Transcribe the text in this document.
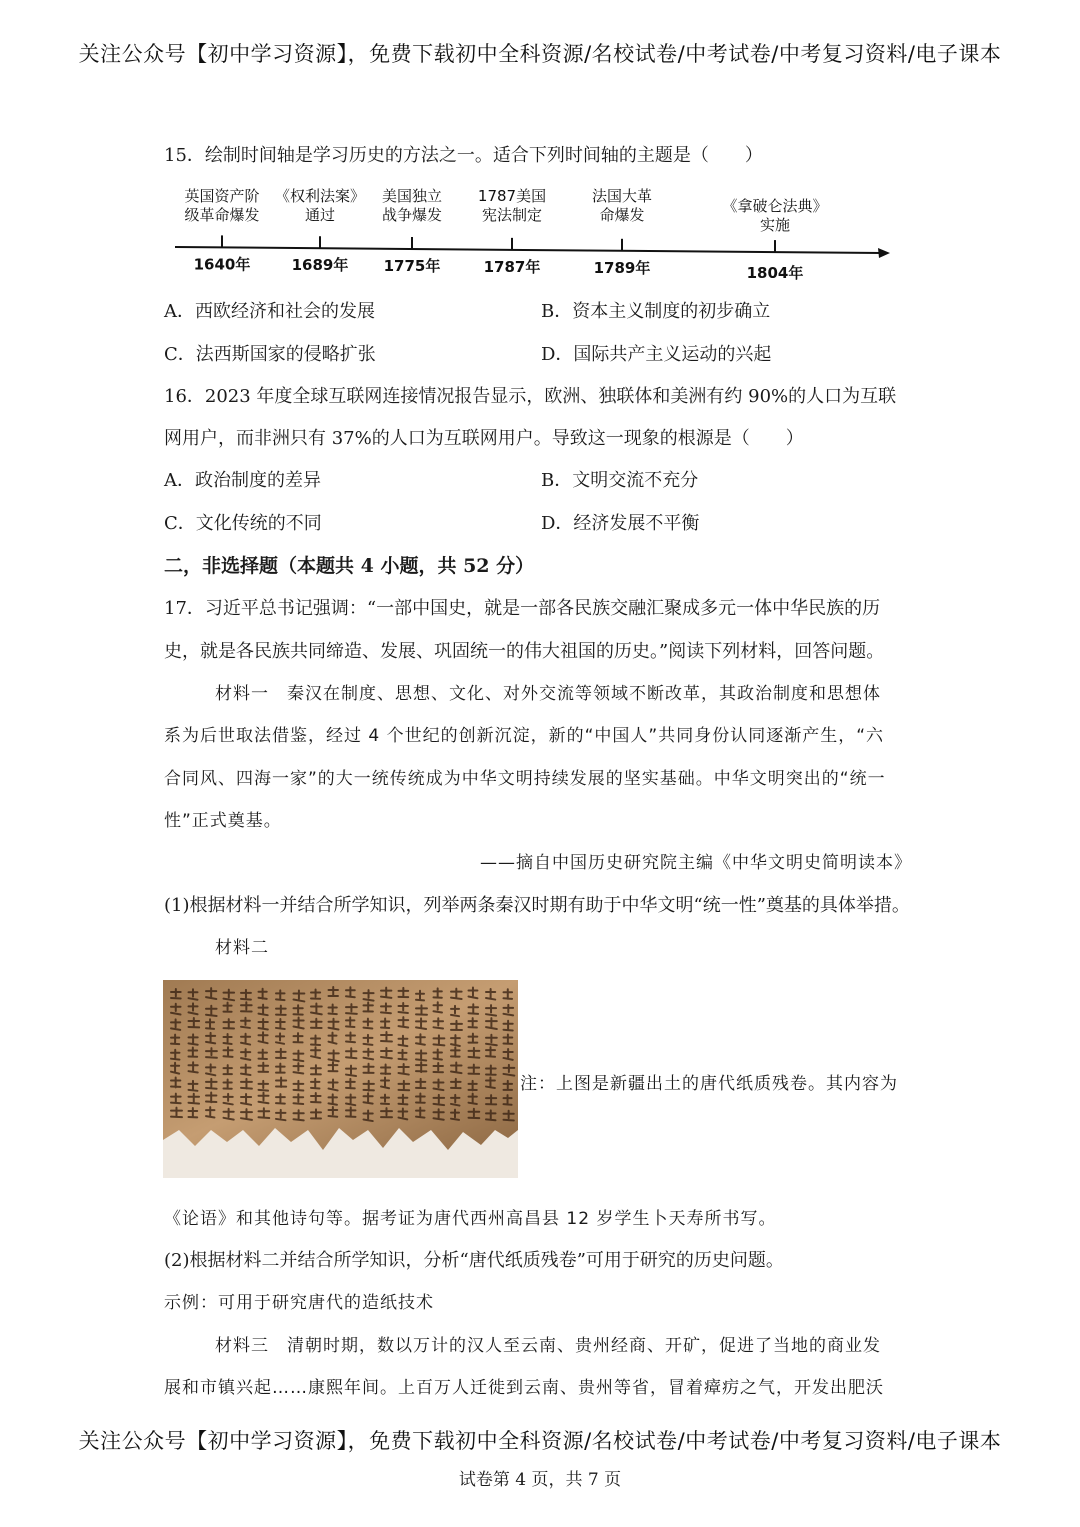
关注公众号【初中学习资源】，免费下载初中全科资源/名校试卷/中考试卷/中考复习资料/电子课本
15．绘制时间轴是学习历史的方法之一。适合下列时间轴的主题是（　　）
英国资产阶
级革命爆发
1640年
《权利法案》
通过
1689年
美国独立
战争爆发
1775年
1787美国
宪法制定
1787年
法国大革
命爆发
1789年
《拿破仑法典》
实施
1804年
A．西欧经济和社会的发展	B．资本主义制度的初步确立
C．法西斯国家的侵略扩张	D．国际共产主义运动的兴起
16．2023 年度全球互联网连接情况报告显示，欧洲、独联体和美洲有约 90%的人口为互联
网用户，而非洲只有 37%的人口为互联网用户。导致这一现象的根源是（　　）
A．政治制度的差异	B．文明交流不充分
C．文化传统的不同	D．经济发展不平衡
二，非选择题（本题共 4 小题，共 52 分）
17．习近平总书记强调：“一部中国史，就是一部各民族交融汇聚成多元一体中华民族的历
史，就是各民族共同缔造、发展、巩固统一的伟大祖国的历史。”阅读下列材料，回答问题。
材料一　秦汉在制度、思想、文化、对外交流等领域不断改革，其政治制度和思想体
系为后世取法借鉴，经过 4 个世纪的创新沉淀，新的“中国人”共同身份认同逐渐产生，“六
合同风、四海一家”的大一统传统成为中华文明持续发展的坚实基础。中华文明突出的“统一
性”正式奠基。
——摘自中国历史研究院主编《中华文明史简明读本》
(1)根据材料一并结合所学知识，列举两条秦汉时期有助于中华文明“统一性”奠基的具体举措。
材料二
注：上图是新疆出土的唐代纸质残卷。其内容为
《论语》和其他诗句等。据考证为唐代西州高昌县 12 岁学生卜天寿所书写。
(2)根据材料二并结合所学知识，分析“唐代纸质残卷”可用于研究的历史问题。
示例：可用于研究唐代的造纸技术
材料三　清朝时期，数以万计的汉人至云南、贵州经商、开矿，促进了当地的商业发
展和市镇兴起……康熙年间。上百万人迁徙到云南、贵州等省，冒着瘴疠之气，开发出肥沃
关注公众号【初中学习资源】，免费下载初中全科资源/名校试卷/中考试卷/中考复习资料/电子课本
试卷第 4 页，共 7 页
